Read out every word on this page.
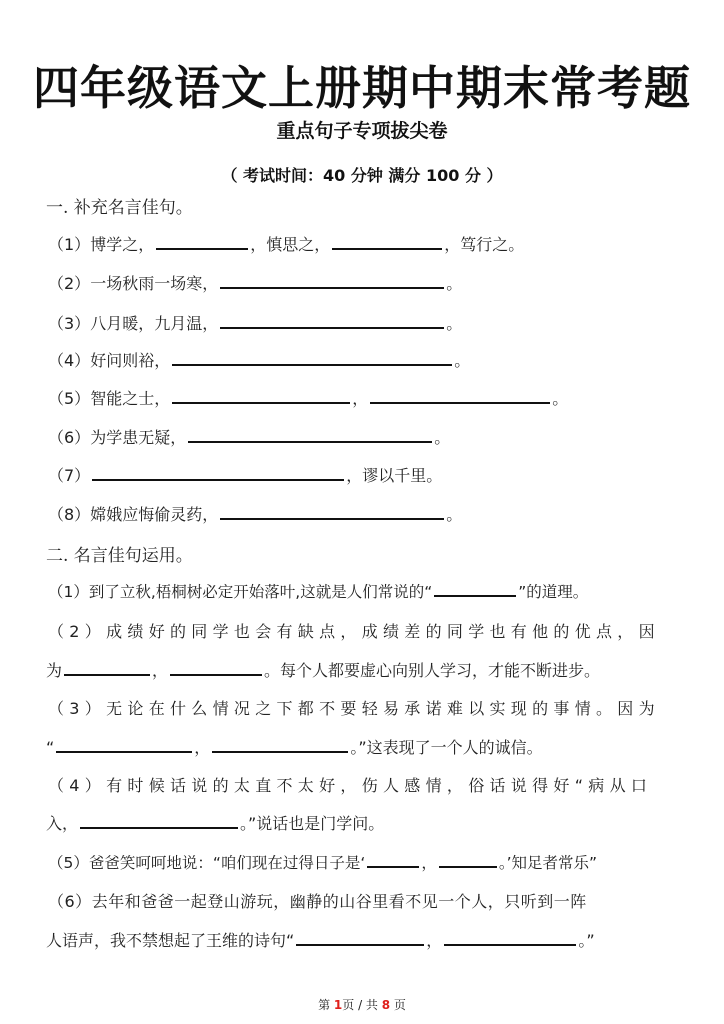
四年级语文上册期中期末常考题
重点句子专项拔尖卷
（ 考试时间：40 分钟 满分 100 分 ）
一. 补充名言佳句。
（1）博学之，	，慎思之，	，笃行之。
（2）一场秋雨一场寒，	。
（3）八月暖，九月温，	。
（4）好问则裕，	。
（5）智能之士，	，	。
（6）为学患无疑，	。
（7）	，谬以千里。
（8）嫦娥应悔偷灵药，	。
二. 名言佳句运用。
（1）到了立秋,梧桐树必定开始落叶,这就是人们常说的“	”的道理。
（2）成绩好的同学也会有缺点，成绩差的同学也有他的优点，因
为	，	。每个人都要虚心向别人学习，才能不断进步。
（3）无论在什么情况之下都不要轻易承诺难以实现的事情。因为
“	，	。”这表现了一个人的诚信。
（4）有时候话说的太直不太好，伤人感情，俗话说得好“病从口
入，	。”说话也是门学问。
（5）爸爸笑呵呵地说：“咱们现在过得日子是‘	，	。’知足者常乐”
（6）去年和爸爸一起登山游玩，幽静的山谷里看不见一个人，只听到一阵
人语声，我不禁想起了王维的诗句“	，	。”
第 1页 / 共 8 页
